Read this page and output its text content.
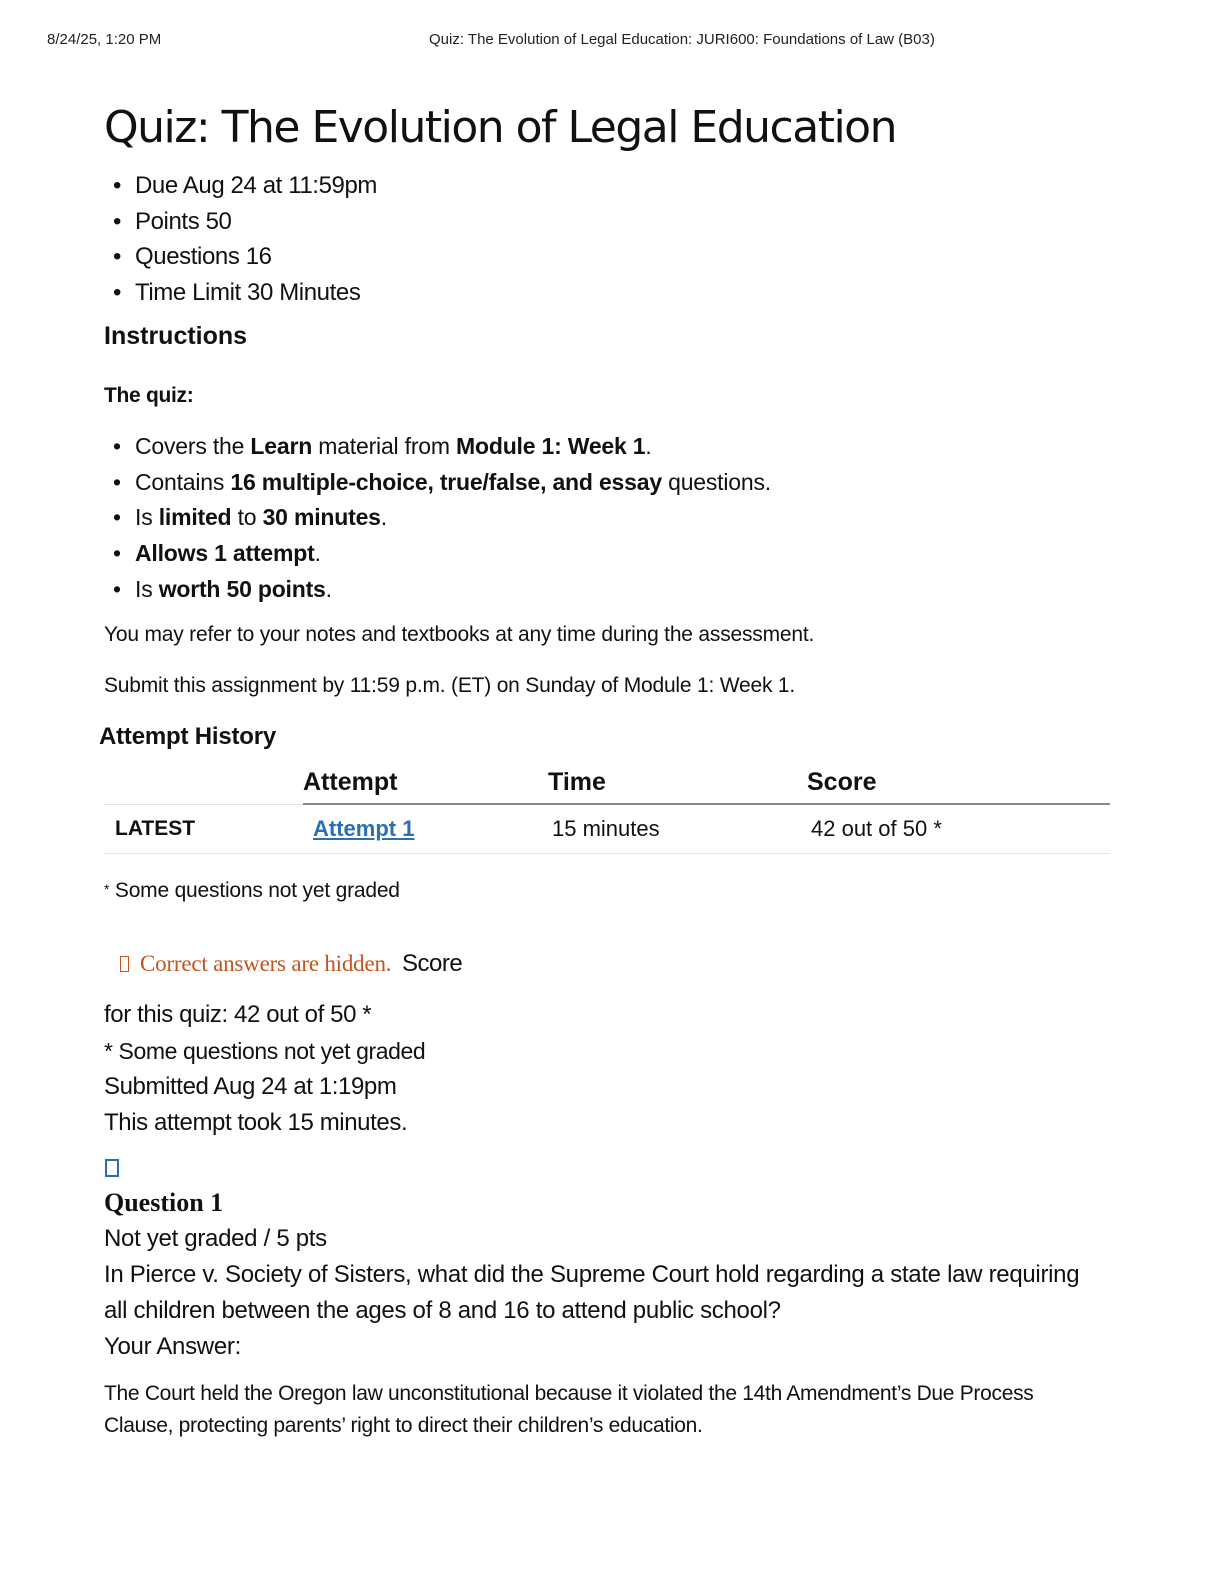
8/24/25, 1:20 PM	Quiz: The Evolution of Legal Education: JURI600: Foundations of Law (B03)
Quiz: The Evolution of Legal Education
• Due Aug 24 at 11:59pm
• Points 50
• Questions 16
• Time Limit 30 Minutes
Instructions
The quiz:
• Covers the Learn material from Module 1: Week 1.
• Contains 16 multiple-choice, true/false, and essay questions.
• Is limited to 30 minutes.
• Allows 1 attempt.
• Is worth 50 points.

You may refer to your notes and textbooks at any time during the assessment.

Submit this assignment by 11:59 p.m. (ET) on Sunday of Module 1: Week 1.

Attempt History
	Attempt	Time	Score
LATEST	Attempt 1	15 minutes	42 out of 50 *
* Some questions not yet graded
Correct answers are hidden. Score
for this quiz: 42 out of 50 *
* Some questions not yet graded
Submitted Aug 24 at 1:19pm
This attempt took 15 minutes.
Question 1
Not yet graded / 5 pts
In Pierce v. Society of Sisters, what did the Supreme Court hold regarding a state law requiring
all children between the ages of 8 and 16 to attend public school?
Your Answer:
The Court held the Oregon law unconstitutional because it violated the 14th Amendment’s Due Process
Clause, protecting parents’ right to direct their children’s education.
